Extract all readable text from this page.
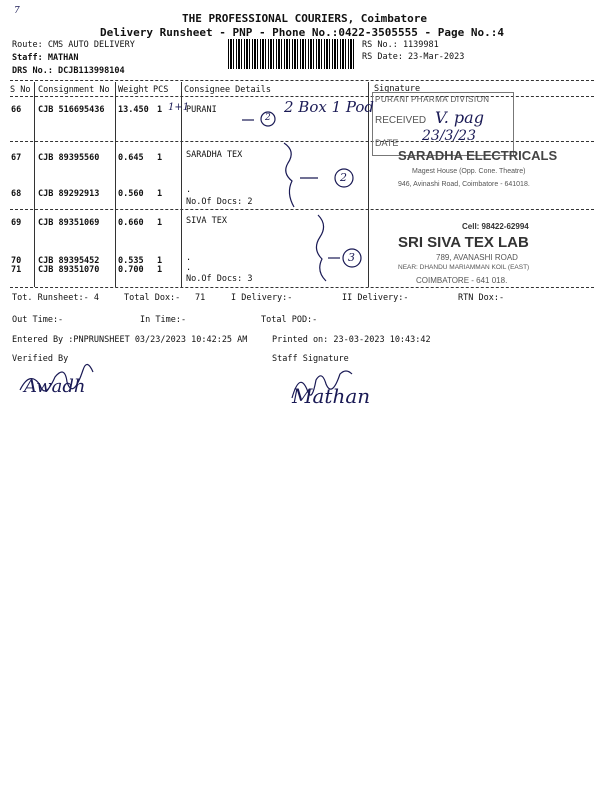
7
THE PROFESSIONAL COURIERS, Coimbatore
Delivery Runsheet - PNP - Phone No.:0422-3505555 - Page No.:4
Route: CMS AUTO DELIVERY
Staff: MATHAN
DRS No.: DCJB113998104
RS No.: 1139981
RS Date: 23-Mar-2023
S No Consignment No Weight PCS Consignee Details	Signature
66 CJB 516695436 13.450 1	PURANI
67 CJB 89395560 0.645 1	SARADHA TEX
68 CJB 89292913 0.560 1	.
No.Of Docs: 2
69 CJB 89351069 0.660 1	SIVA TEX
70 CJB 89395452 0.535 1	.
71 CJB 89351070 0.700 1	.
No.Of Docs: 3
PURANI PHARMA DIVISION
RECEIVED
DATE
SARADHA ELECTRICALS
Magest House (Opp. Cone. Theatre)
946, Avinashi Road, Coimbatore - 641018.
Cell: 98422-62994
SRI SIVA TEX LAB
789, AVANASHI ROAD
NEAR: DHANDU MARIAMMAN KOIL (EAST)
COIMBATORE - 641 018.
1+1
2
2 Box 1 Pod
2
3
V. pag
23/3/23
Awadh	Mathan
Tot. Runsheet:- 4	Total Dox:- 71	I Delivery:-	II Delivery:-	RTN Dox:-
Out Time:-	In Time:-	Total POD:-
Entered By :PNPRUNSHEET 03/23/2023 10:42:25 AM	Printed on: 23-03-2023 10:43:42
Verified By	Staff Signature
